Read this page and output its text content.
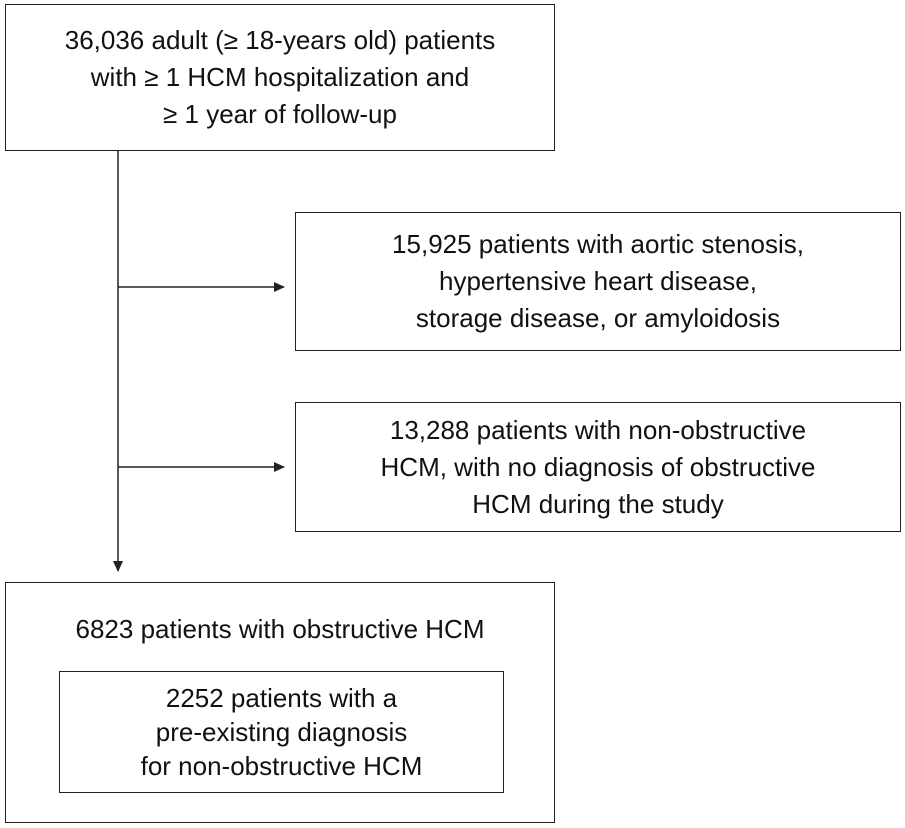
36,036 adult (≥ 18-years old) patients
with ≥ 1 HCM hospitalization and
≥ 1 year of follow-up
15,925 patients with aortic stenosis,
hypertensive heart disease,
storage disease, or amyloidosis
13,288 patients with non-obstructive
HCM, with no diagnosis of obstructive
HCM during the study
6823 patients with obstructive HCM
2252 patients with a
pre-existing diagnosis
for non-obstructive HCM
